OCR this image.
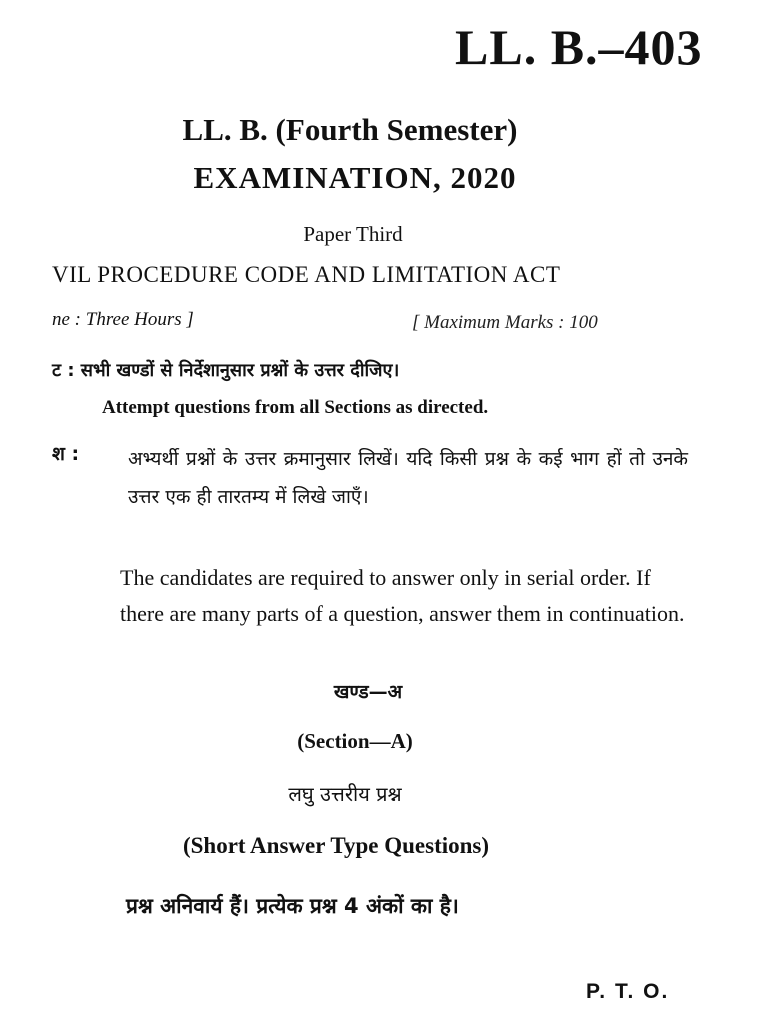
LL. B.–403
LL. B. (Fourth Semester)
EXAMINATION, 2020
Paper Third
VIL PROCEDURE CODE AND LIMITATION ACT
ne : Three Hours ]	[ Maximum Marks : 100
ट : सभी खण्डों से निर्देशानुसार प्रश्नों के उत्तर दीजिए।
Attempt questions from all Sections as directed.
श :	अभ्यर्थी प्रश्नों के उत्तर क्रमानुसार लिखें। यदि किसी प्रश्न के कई भाग हों तो उनके उत्तर एक ही तारतम्य में लिखे जाएँ।
The candidates are required to answer only in serial order. If there are many parts of a question, answer them in continuation.
खण्ड—अ
(Section—A)
लघु उत्तरीय प्रश्न
(Short Answer Type Questions)
प्रश्न अनिवार्य हैं। प्रत्येक प्रश्न 4 अंकों का है।
P. T. O.
